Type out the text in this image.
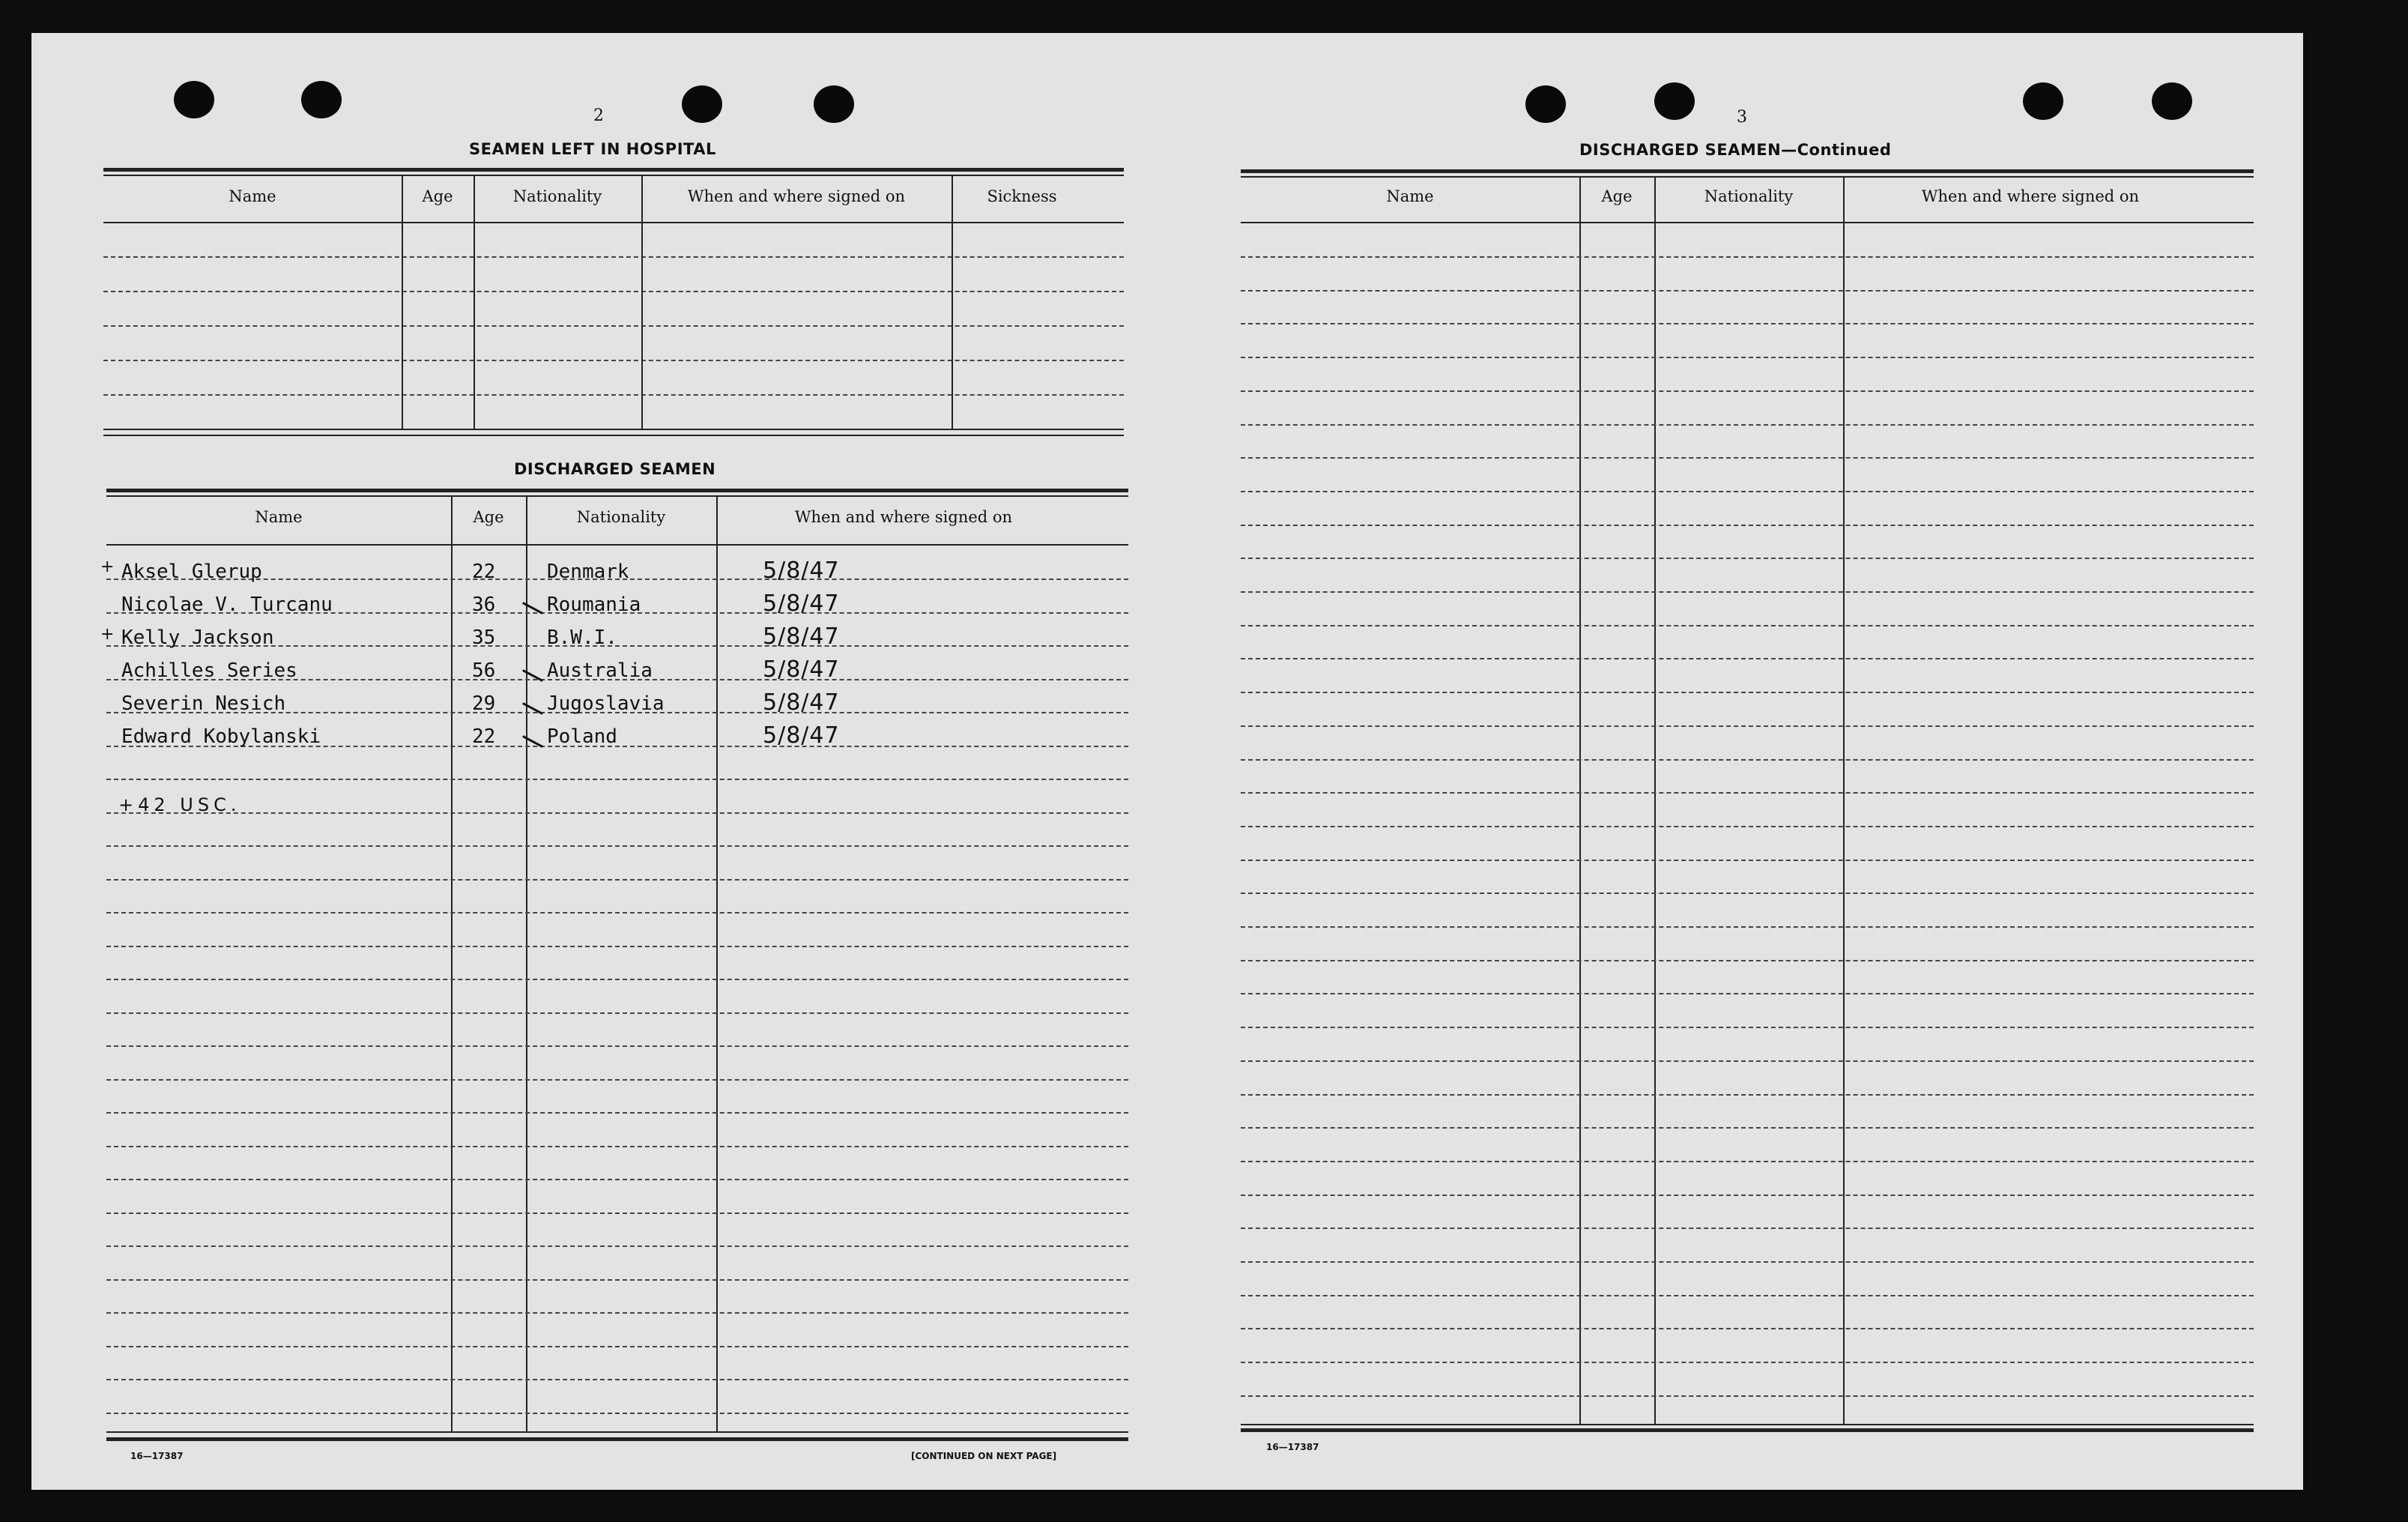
2
SEAMEN LEFT IN HOSPITAL
Name	Age	Nationality	When and where signed on	Sickness
DISCHARGED SEAMEN
Name	Age	Nationality	When and where signed on
+ Aksel Glerup	22	Denmark	5/8/47
Nicolae V. Turcanu	36	Roumania	5/8/47
+ Kelly Jackson	35	B.W.I.	5/8/47
Achilles Series	56	Australia	5/8/47
Severin Nesich	29	Jugoslavia	5/8/47
Edward Kobylanski	22	Poland	5/8/47
+42 USC.
16—17387	[CONTINUED ON NEXT PAGE]
3
DISCHARGED SEAMEN—Continued
Name	Age	Nationality	When and where signed on
16—17387
